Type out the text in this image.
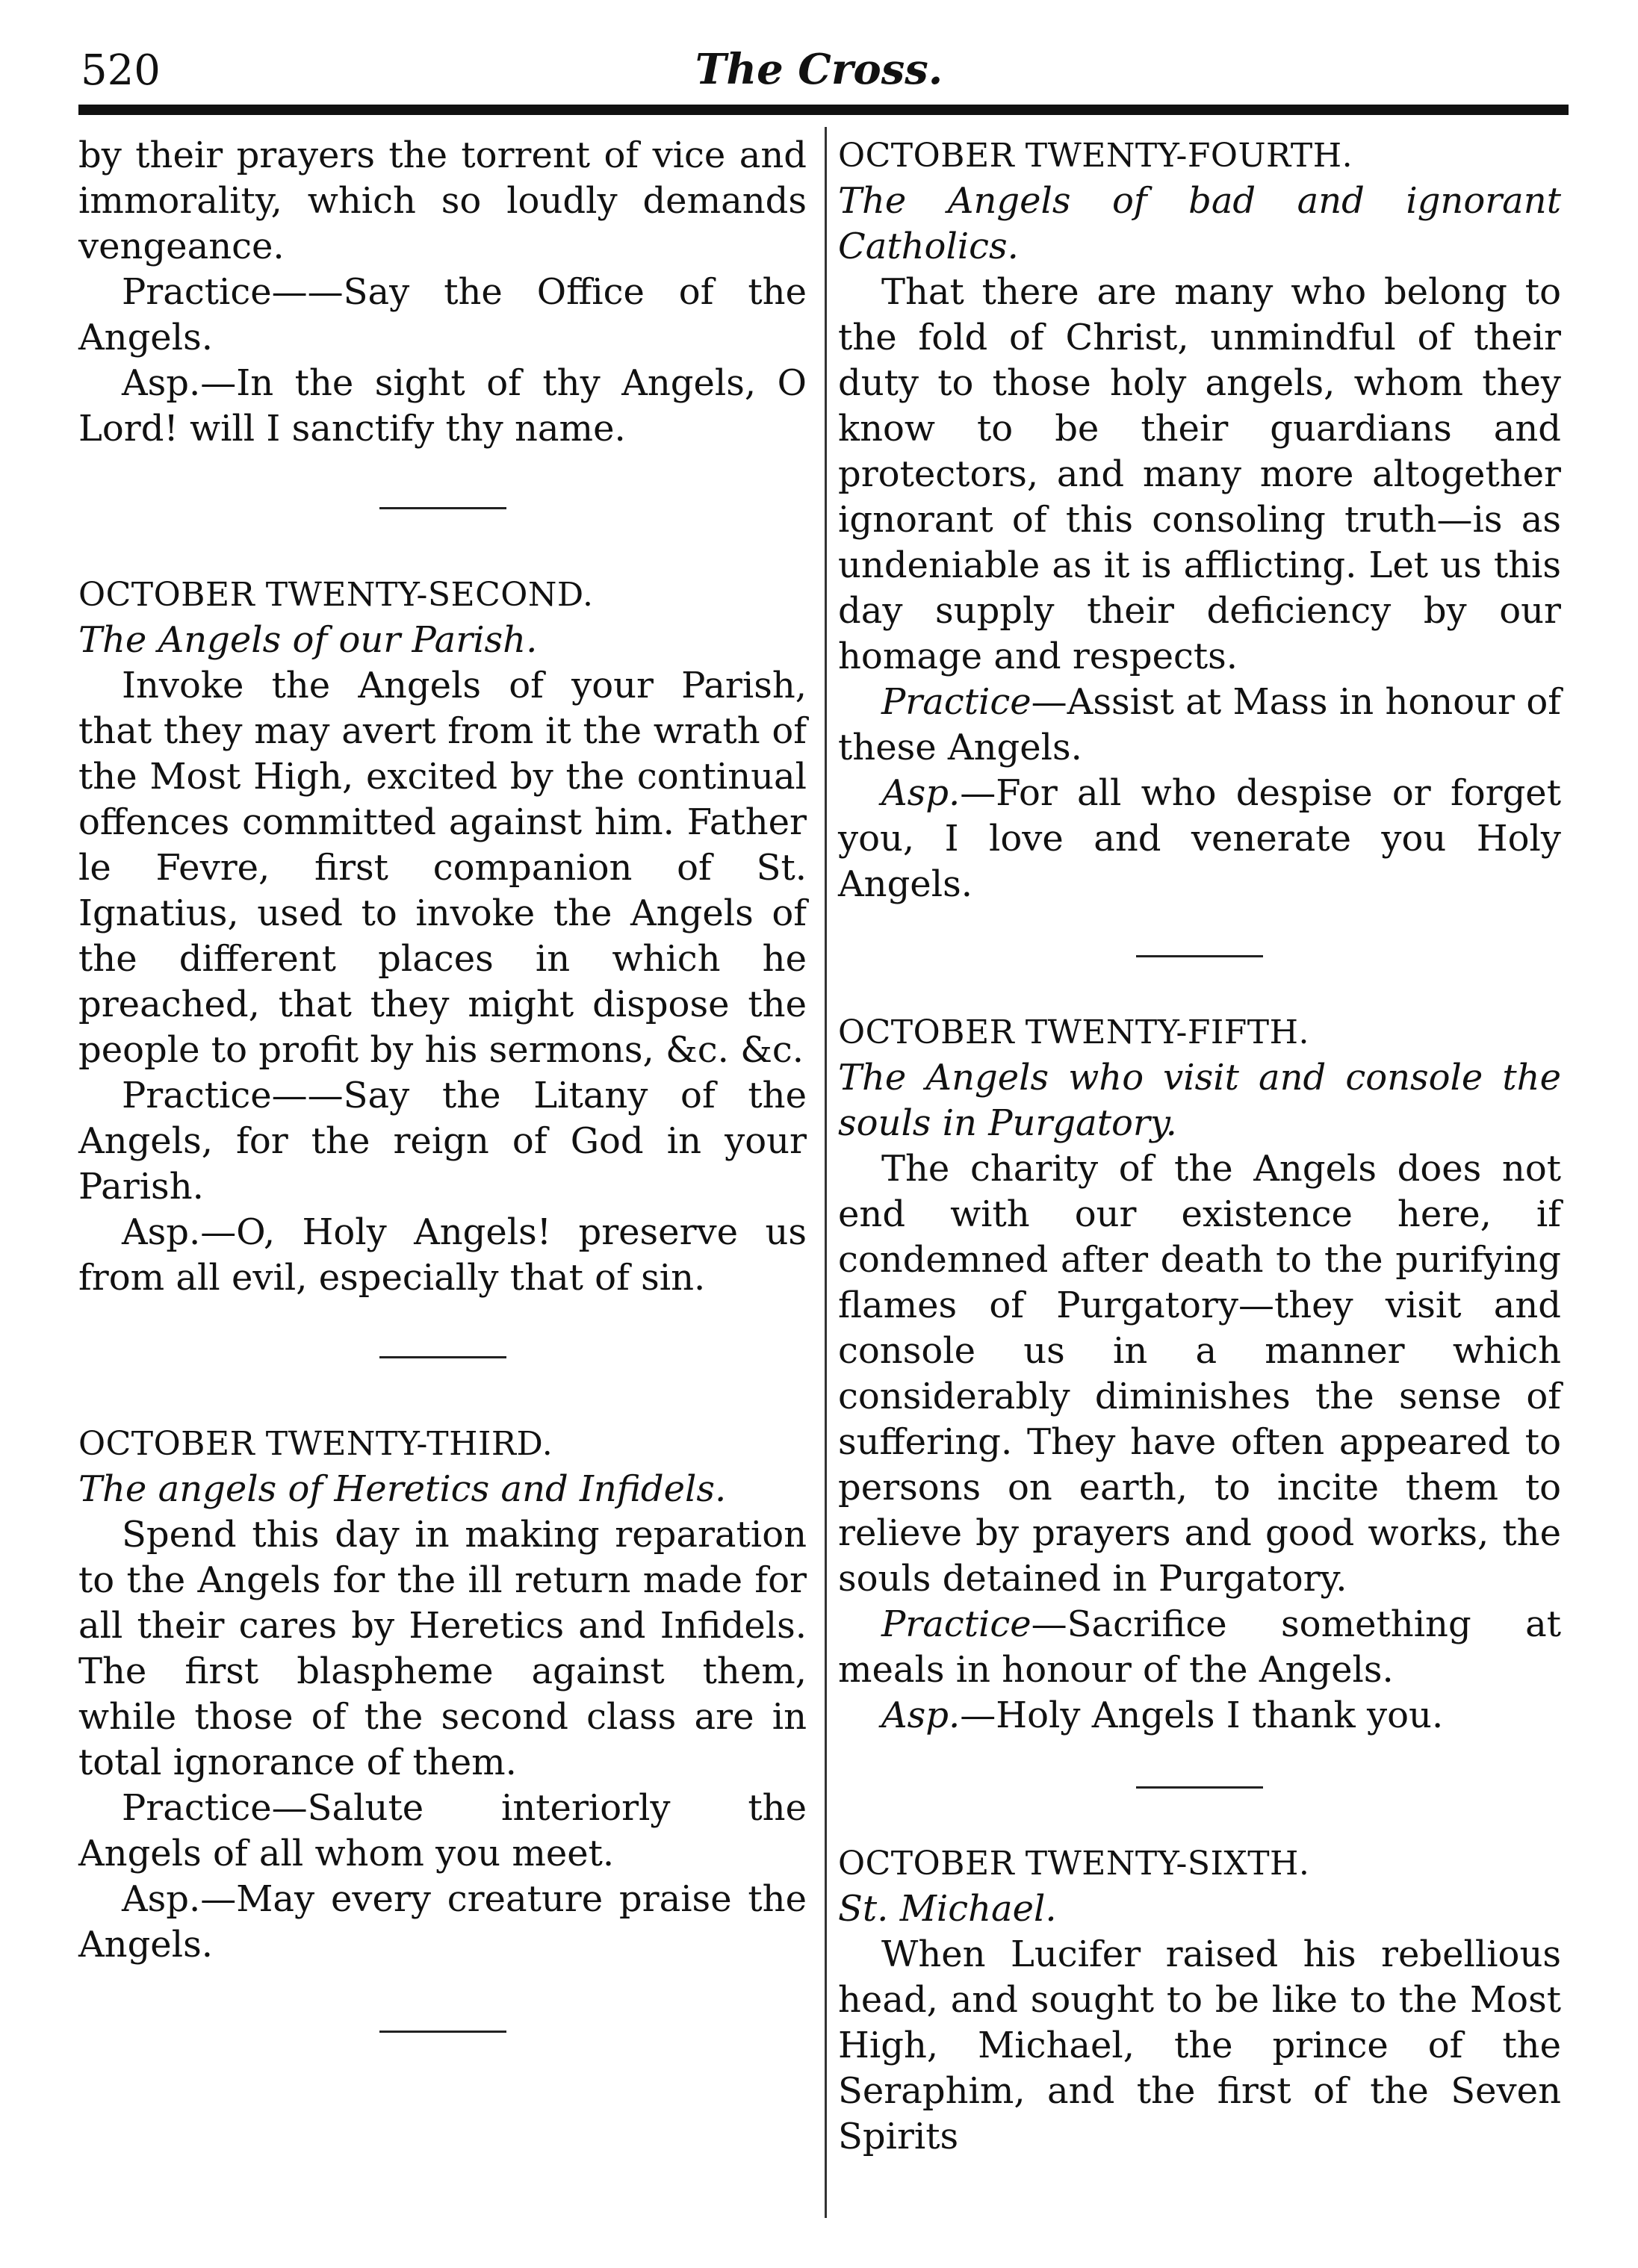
520	The Cross.

by their prayers the torrent of vice and immorality, which so loudly demands vengeance.

Practice——Say the Office of the Angels.

Asp.—In the sight of thy Angels, O Lord! will I sanctify thy name.

OCTOBER TWENTY-SECOND.

The Angels of our Parish.

Invoke the Angels of your Parish, that they may avert from it the wrath of the Most High, excited by the continual offences committed against him. Father le Fevre, first companion of St. Ignatius, used to invoke the Angels of the different places in which he preached, that they might dispose the people to profit by his sermons, &c. &c.

Practice——Say the Litany of the Angels, for the reign of God in your Parish.

Asp.—O, Holy Angels! preserve us from all evil, especially that of sin.

OCTOBER TWENTY-THIRD.

The angels of Heretics and Infidels.

Spend this day in making reparation to the Angels for the ill return made for all their cares by Heretics and Infidels. The first blaspheme against them, while those of the second class are in total ignorance of them.

Practice—Salute interiorly the Angels of all whom you meet.

Asp.—May every creature praise the Angels.

OCTOBER TWENTY-FOURTH.

The Angels of bad and ignorant Catholics.

That there are many who belong to the fold of Christ, unmindful of their duty to those holy angels, whom they know to be their guardians and protectors, and many more altogether ignorant of this consoling truth—is as undeniable as it is afflicting. Let us this day supply their deficiency by our homage and respects.

Practice—Assist at Mass in honour of these Angels.

Asp.—For all who despise or forget you, I love and venerate you Holy Angels.

OCTOBER TWENTY-FIFTH.

The Angels who visit and console the souls in Purgatory.

The charity of the Angels does not end with our existence here, if condemned after death to the purifying flames of Purgatory—they visit and console us in a manner which considerably diminishes the sense of suffering. They have often appeared to persons on earth, to incite them to relieve by prayers and good works, the souls detained in Purgatory.

Practice—Sacrifice something at meals in honour of the Angels.

Asp.—Holy Angels I thank you.

OCTOBER TWENTY-SIXTH.

St. Michael.

When Lucifer raised his rebellious head, and sought to be like to the Most High, Michael, the prince of the Seraphim, and the first of the Seven Spirits
